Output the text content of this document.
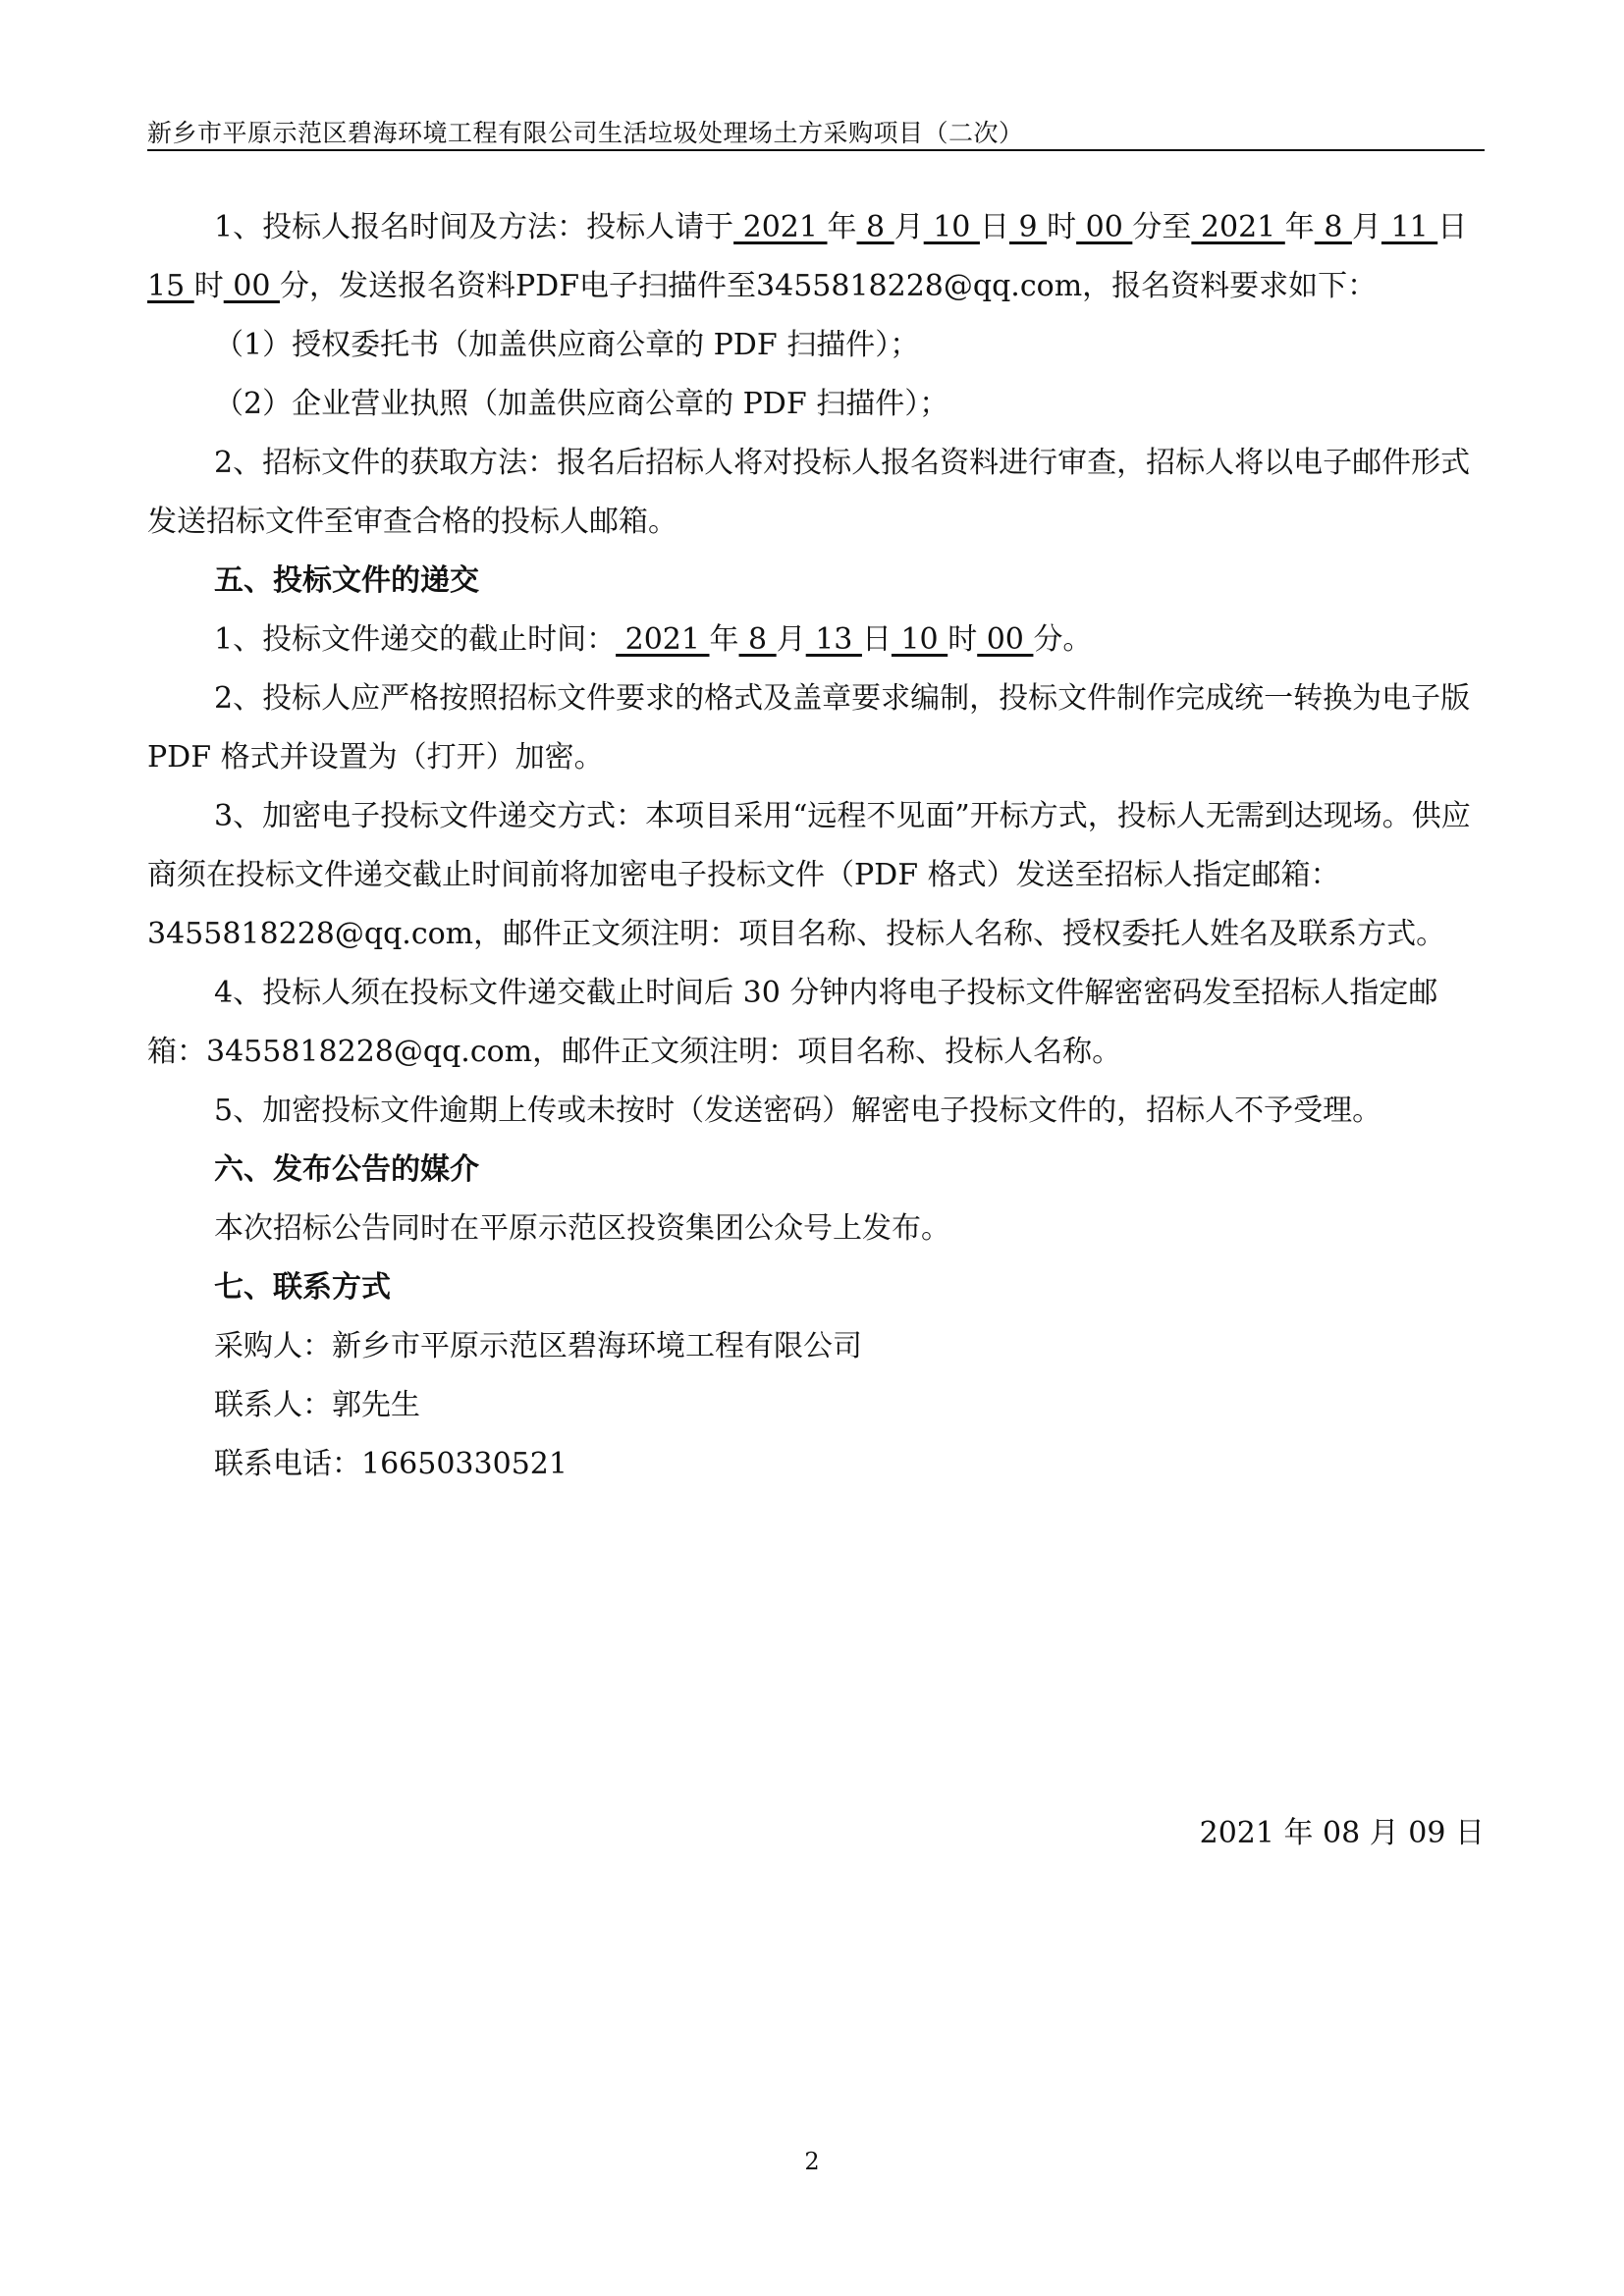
新乡市平原示范区碧海环境工程有限公司生活垃圾处理场土方采购项目（二次）

1、投标人报名时间及方法：投标人请于 2021 年 8 月 10 日 9 时 00 分至 2021 年 8 月 11 日 15 时 00 分，发送报名资料PDF电子扫描件至3455818228@qq.com，报名资料要求如下：

（1）授权委托书（加盖供应商公章的 PDF 扫描件）；

（2）企业营业执照（加盖供应商公章的 PDF 扫描件）；

2、招标文件的获取方法：报名后招标人将对投标人报名资料进行审查，招标人将以电子邮件形式发送招标文件至审查合格的投标人邮箱。

五、投标文件的递交

1、投标文件递交的截止时间： 2021 年 8 月 13 日 10 时 00 分。

2、投标人应严格按照招标文件要求的格式及盖章要求编制，投标文件制作完成统一转换为电子版 PDF 格式并设置为（打开）加密。

3、加密电子投标文件递交方式：本项目采用“远程不见面”开标方式，投标人无需到达现场。供应商须在投标文件递交截止时间前将加密电子投标文件（PDF 格式）发送至招标人指定邮箱：3455818228@qq.com，邮件正文须注明：项目名称、投标人名称、授权委托人姓名及联系方式。

4、投标人须在投标文件递交截止时间后 30 分钟内将电子投标文件解密密码发至招标人指定邮箱：3455818228@qq.com，邮件正文须注明：项目名称、投标人名称。

5、加密投标文件逾期上传或未按时（发送密码）解密电子投标文件的，招标人不予受理。

六、发布公告的媒介

本次招标公告同时在平原示范区投资集团公众号上发布。

七、联系方式

采购人：新乡市平原示范区碧海环境工程有限公司

联系人：郭先生

联系电话：16650330521

2021 年 08 月 09 日
2
